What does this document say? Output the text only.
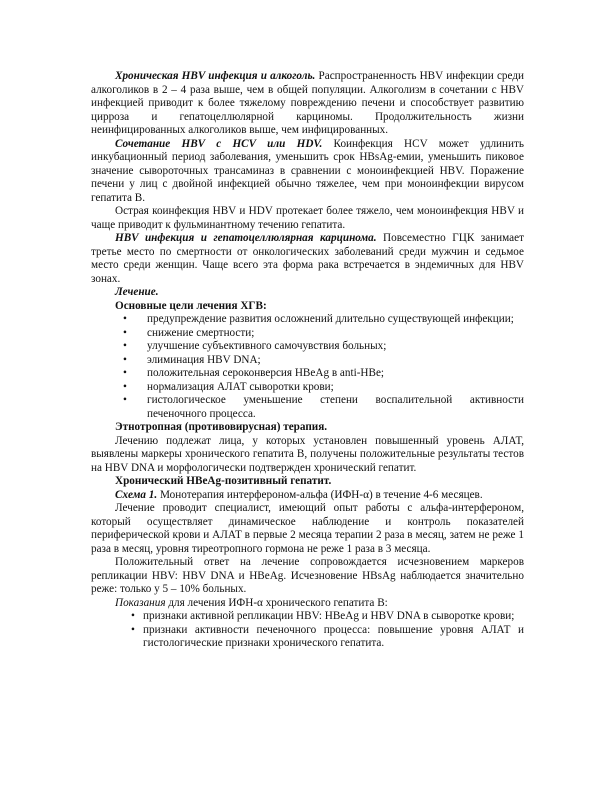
Хроническая HBV инфекция и алкоголь. Распространенность HBV инфекции среди алкоголиков в 2 – 4 раза выше, чем в общей популяции. Алкоголизм в сочетании с HBV инфекцией приводит к более тяжелому повреждению печени и способствует развитию цирроза и гепатоцеллюлярной карциномы. Продолжительность жизни неинфицированных алкоголиков выше, чем инфицированных.

Сочетание HBV с HCV или HDV. Коинфекция HCV может удлинить инкубационный период заболевания, уменьшить срок HBsAg-емии, уменьшить пиковое значение сывороточных трансаминаз в сравнении с моноинфекцией HBV. Поражение печени у лиц с двойной инфекцией обычно тяжелее, чем при моноинфекции вирусом гепатита В.

Острая коинфекция HBV и HDV протекает более тяжело, чем моноинфекция HBV и чаще приводит к фульминантному течению гепатита.

HBV инфекция и гепатоцеллюлярная карцинома. Повсеместно ГЦК занимает третье место по смертности от онкологических заболеваний среди мужчин и седьмое место среди женщин. Чаще всего эта форма рака встречается в эндемичных для HBV зонах.

Лечение.
Основные цели лечения ХГВ:
• предупреждение развития осложнений длительно существующей инфекции;
• снижение смертности;
• улучшение субъективного самочувствия больных;
• элиминация HBV DNA;
• положительная сероконверсия HBeAg в anti-HBe;
• нормализация АЛАТ сыворотки крови;
• гистологическое уменьшение степени воспалительной активности печеночного процесса.
Этнотропная (противовирусная) терапия.

Лечению подлежат лица, у которых установлен повышенный уровень АЛАТ, выявлены маркеры хронического гепатита В, получены положительные результаты тестов на HBV DNA и морфологически подтвержден хронический гепатит.

Хронический HBeAg-позитивный гепатит.

Схема 1. Монотерапия интерфероном-альфа (ИФН-α) в течение 4-6 месяцев.

Лечение проводит специалист, имеющий опыт работы с альфа-интерфероном, который осуществляет динамическое наблюдение и контроль показателей периферической крови и АЛАТ в первые 2 месяца терапии 2 раза в месяц, затем не реже 1 раза в месяц, уровня тиреотропного гормона не реже 1 раза в 3 месяца.

Положительный ответ на лечение сопровождается исчезновением маркеров репликации HBV: HBV DNA и HBeAg. Исчезновение HBsAg наблюдается значительно реже: только у 5 – 10% больных.

Показания для лечения ИФН-α хронического гепатита В:

• признаки активной репликации HBV: HBeAg и HBV DNA в сыворотке крови;
• признаки активности печеночного процесса: повышение уровня АЛАТ и гистологические признаки хронического гепатита.
